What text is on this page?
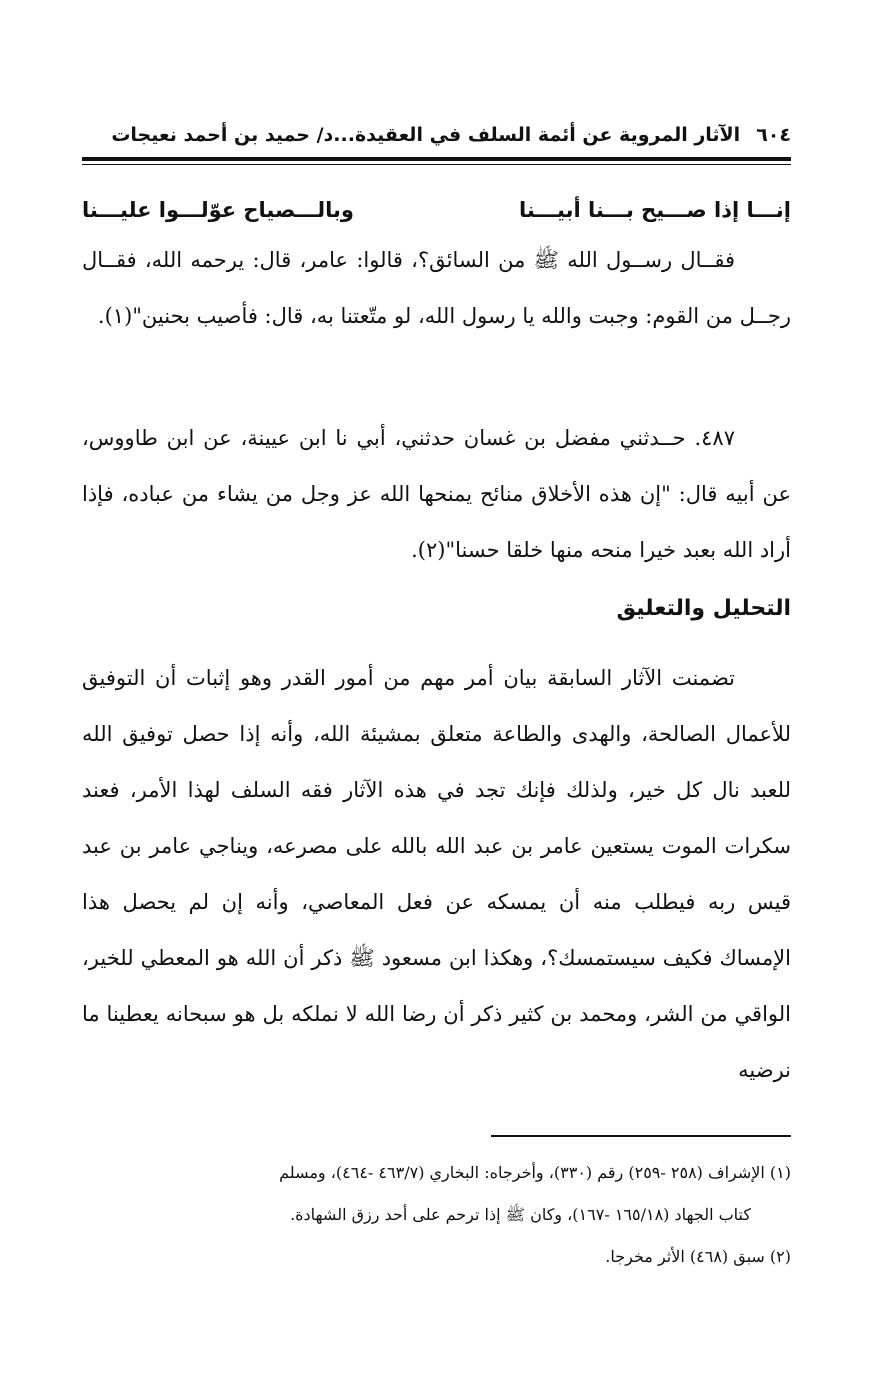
٦٠٤
الآثار المروية عن أئمة السلف في العقيدة...د/ حميد بن أحمد نعيجات
إنـــا إذا صـــيح بـــنا أبيـــنا
وبالـــصياح عوّلـــوا عليـــنا

فقــال رســول الله ﷺ من السائق؟، قالوا: عامر، قال: يرحمه الله، فقــال رجــل من القوم: وجبت والله يا رسول الله، لو متّعتنا به، قال: فأصيب بحنين"(١).

٤٨٧. حــدثني مفضل بن غسان حدثني، أبي نا ابن عيينة، عن ابن طاووس، عن أبيه قال: "إن هذه الأخلاق منائح يمنحها الله عز وجل من يشاء من عباده، فإذا أراد الله بعبد خيرا منحه منها خلقا حسنا"(٢).

التحليل والتعليق

تضمنت الآثار السابقة بيان أمر مهم من أمور القدر وهو إثبات أن التوفيق للأعمال الصالحة، والهدى والطاعة متعلق بمشيئة الله، وأنه إذا حصل توفيق الله للعبد نال كل خير، ولذلك فإنك تجد في هذه الآثار فقه السلف لهذا الأمر، فعند سكرات الموت يستعين عامر بن عبد الله بالله على مصرعه، ويناجي عامر بن عبد قيس ربه فيطلب منه أن يمسكه عن فعل المعاصي، وأنه إن لم يحصل هذا الإمساك فكيف سيستمسك؟، وهكذا ابن مسعود ﷺ ذكر أن الله هو المعطي للخير، الواقي من الشر، ومحمد بن كثير ذكر أن رضا الله لا نملكه بل هو سبحانه يعطينا ما نرضيه

(١) الإشراف (٢٥٨ -٢٥٩) رقم (٣٣٠)، وأخرجاه: البخاري (٤٦٣/٧ -٤٦٤)، ومسلم

كتاب الجهاد (١٦٥/١٨ -١٦٧)، وكان ﷺ إذا ترحم على أحد رزق الشهادة.

(٢) سبق (٤٦٨) الأثر مخرجا.
